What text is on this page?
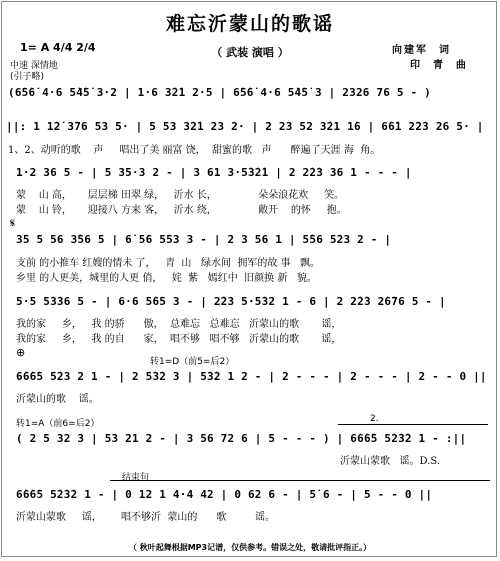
难忘沂蒙山的歌谣
（ 武装 演唱 ）
1= A 4/4 2/4
中速 深情地
(引子略)
向建军  词
印  青  曲
(6̇5̇6̇ 4·6 5̇4̇5̇ 3·2 | 1·6 3̇2̇1 2·5 | 6̇5̇6̇ 4·6 5̇4̇5̇ 3 | 2326 76 5 - )
||: 1 1̇2̇ 3̇76 53 5· | 5 53 3̇2̇1 23 2· | 2 23 52 3̇21 1̇6 | 6̇6̇1 2̇2̇3 26 5· |
1、2、动听的歌    声     唱出了美 丽富 饶，  甜蜜的歌   声      醉遍了天涯 海  角。
1·2 36 5 - | 5 35·3 2 - | 3 61 3·5̇3̇2̇1 | 2 2̇2̇3 36 1 - - - |
蒙    山 高，     层层梯 田翠 绿，   沂水 长，             朵朵浪花欢     笑。
蒙    山 铃，     迎接八 方来 客，   沂水 绕，             敞开    的怀     抱。
𝄋
3̇5 5 56 3̇56 5 | 6̇ 5̇6 5̇53 3 - | 2 3 56 1 | 5̇56 5̇23 2 - |
支前 的小推车 红嫂的情未 了，   青  山   绿水间  拥军的故 事   飘。
乡里 的人更美，城里的人更 俏，   姹  紫   嫣红中  旧颜换 新   貌。
5·5 5̇3̇36 5 - | 6·6 5̇6̇5 3 - | 2̇23 5·5̇32 1 - 6 | 2 2̇2̇3 2̇6̇76 5 - |
我的家     乡，   我 的骄      傲，  总难忘   总难忘   沂蒙山的歌       谣，
我的家     乡，   我 的自      家，  唱不够   唱不够   沂蒙山的歌       谣，
⊕
转1=D（前5=后2）
6̇6̇6̇5 5̇23 2 1 - | 2 5̇3̇2 3 | 5̇3̇2 1 2 - | 2 - - - | 2 - - - | 2 - - 0 ||
沂蒙山的歌    谣。
转1=A（前6=后2）	2.
( 2 5 32 3 | 53 21 2 - | 3 56 72 6 | 5 - - - ) | 6̇6̇6̇5 5̇2̇3̇2 1 - :||
沂蒙山蒙歌   谣。D.S.
结束句
6̇6̇6̇5 5̇2̇3̇2 1 - | 0 12 1 4·4 42 | 0 62 6 - | 5̇ 6 - | 5 - - 0 ||
沂蒙山蒙歌     谣，      唱不够沂  蒙山的      歌         谣。
（ 秋叶起舞根据MP3记谱，仅供参考。错误之处，敬请批评指正。）
